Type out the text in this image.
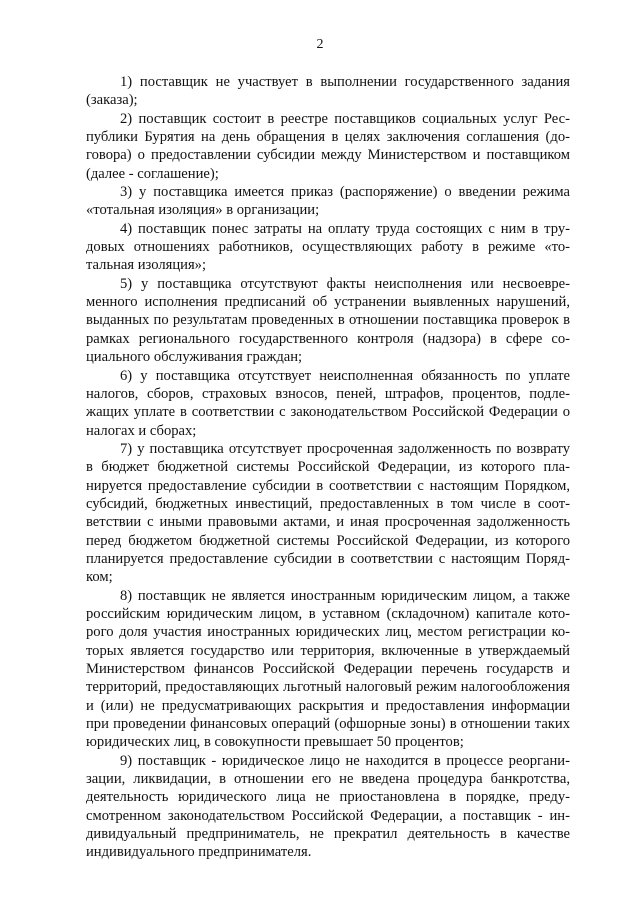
2

1) поставщик не участвует в выполнении государственного задания (заказа);

2) поставщик состоит в реестре поставщиков социальных услуг Республики Бурятия на день обращения в целях заключения соглашения (договора) о предоставлении субсидии между Министерством и поставщиком (далее - соглашение);

3) у поставщика имеется приказ (распоряжение) о введении режима «тотальная изоляция» в организации;

4) поставщик понес затраты на оплату труда состоящих с ним в трудовых отношениях работников, осуществляющих работу в режиме «тотальная изоляция»;

5) у поставщика отсутствуют факты неисполнения или несвоевременного исполнения предписаний об устранении выявленных нарушений, выданных по результатам проведенных в отношении поставщика проверок в рамках регионального государственного контроля (надзора) в сфере социального обслуживания граждан;

6) у поставщика отсутствует неисполненная обязанность по уплате налогов, сборов, страховых взносов, пеней, штрафов, процентов, подлежащих уплате в соответствии с законодательством Российской Федерации о налогах и сборах;

7) у поставщика отсутствует просроченная задолженность по возврату в бюджет бюджетной системы Российской Федерации, из которого планируется предоставление субсидии в соответствии с настоящим Порядком, субсидий, бюджетных инвестиций, предоставленных в том числе в соответствии с иными правовыми актами, и иная просроченная задолженность перед бюджетом бюджетной системы Российской Федерации, из которого планируется предоставление субсидии в соответствии с настоящим Порядком;

8) поставщик не является иностранным юридическим лицом, а также российским юридическим лицом, в уставном (складочном) капитале которого доля участия иностранных юридических лиц, местом регистрации которых является государство или территория, включенные в утверждаемый Министерством финансов Российской Федерации перечень государств и территорий, предоставляющих льготный налоговый режим налогообложения и (или) не предусматривающих раскрытия и предоставления информации при проведении финансовых операций (офшорные зоны) в отношении таких юридических лиц, в совокупности превышает 50 процентов;

9) поставщик - юридическое лицо не находится в процессе реорганизации, ликвидации, в отношении его не введена процедура банкротства, деятельность юридического лица не приостановлена в порядке, предусмотренном законодательством Российской Федерации, а поставщик - индивидуальный предприниматель, не прекратил деятельность в качестве индивидуального предпринимателя.
